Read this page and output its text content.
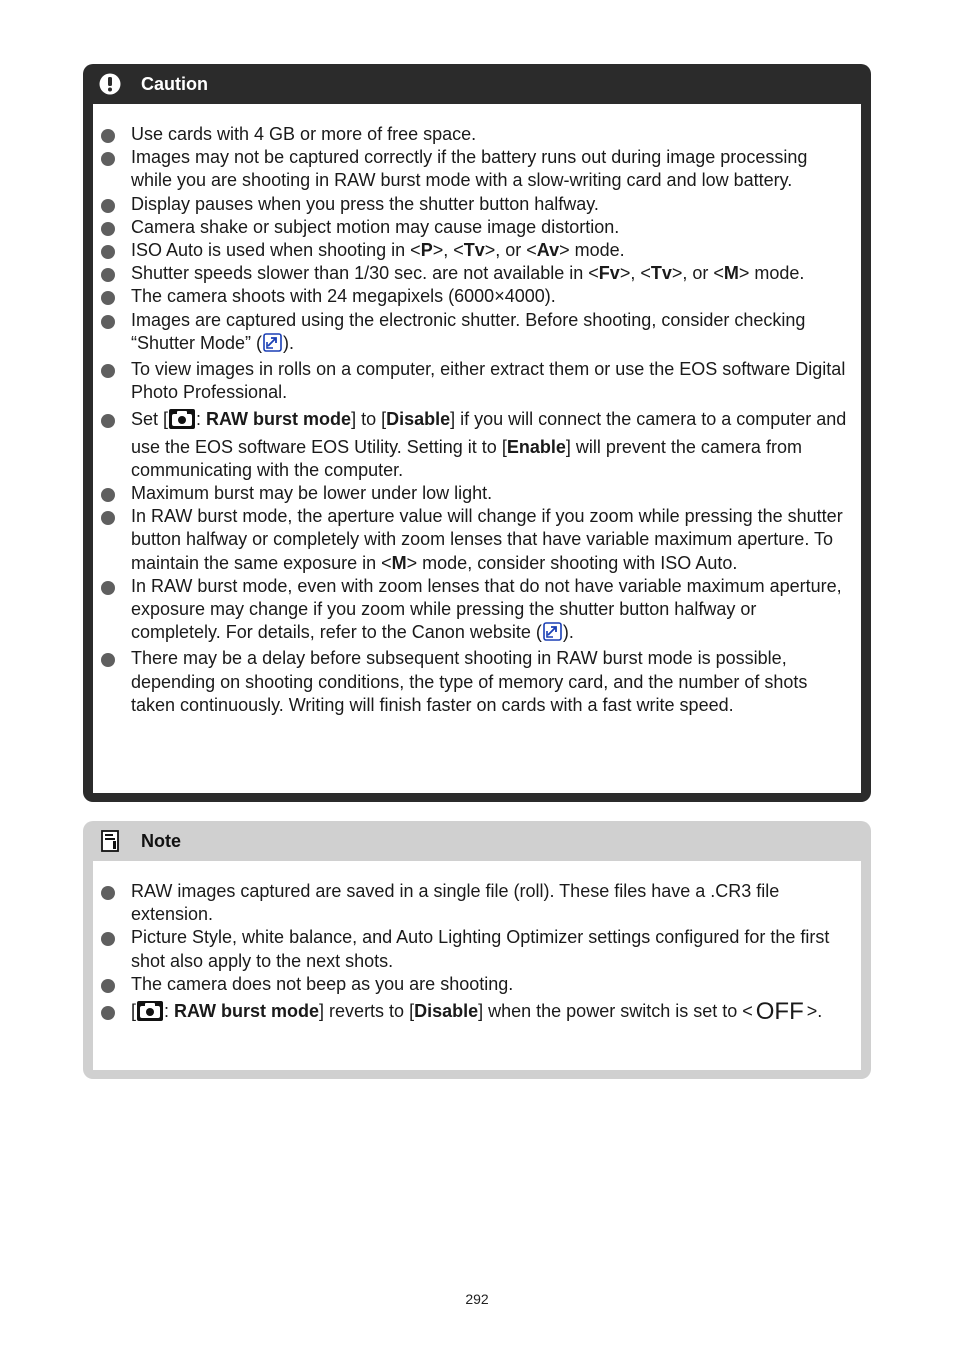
Caution
Use cards with 4 GB or more of free space.
Images may not be captured correctly if the battery runs out during image processing while you are shooting in RAW burst mode with a slow-writing card and low battery.
Display pauses when you press the shutter button halfway.
Camera shake or subject motion may cause image distortion.
ISO Auto is used when shooting in <P>, <Tv>, or <Av> mode.
Shutter speeds slower than 1/30 sec. are not available in <Fv>, <Tv>, or <M> mode.
The camera shoots with 24 megapixels (6000×4000).
Images are captured using the electronic shutter. Before shooting, consider checking “Shutter Mode” ( ).
To view images in rolls on a computer, either extract them or use the EOS software Digital Photo Professional.
Set [ : RAW burst mode] to [Disable] if you will connect the camera to a computer and use the EOS software EOS Utility. Setting it to [Enable] will prevent the camera from communicating with the computer.
Maximum burst may be lower under low light.
In RAW burst mode, the aperture value will change if you zoom while pressing the shutter button halfway or completely with zoom lenses that have variable maximum aperture. To maintain the same exposure in <M> mode, consider shooting with ISO Auto.
In RAW burst mode, even with zoom lenses that do not have variable maximum aperture, exposure may change if you zoom while pressing the shutter button halfway or completely. For details, refer to the Canon website ( ).
There may be a delay before subsequent shooting in RAW burst mode is possible, depending on shooting conditions, the type of memory card, and the number of shots taken continuously. Writing will finish faster on cards with a fast write speed.
Note
RAW images captured are saved in a single file (roll). These files have a .CR3 file extension.
Picture Style, white balance, and Auto Lighting Optimizer settings configured for the first shot also apply to the next shots.
The camera does not beep as you are shooting.
[ : RAW burst mode] reverts to [Disable] when the power switch is set to < OFF >.
292
